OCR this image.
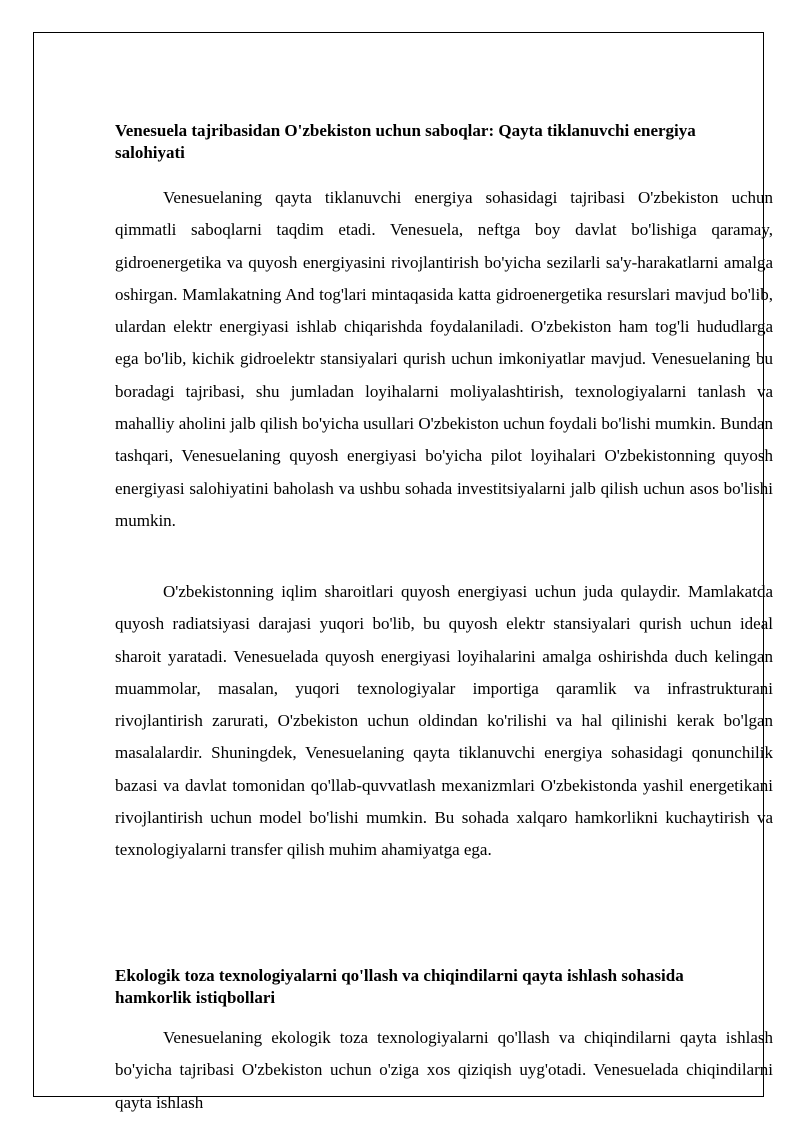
Venesuela tajribasidan O'zbekiston uchun saboqlar: Qayta tiklanuvchi energiya salohiyati

Venesuelaning qayta tiklanuvchi energiya sohasidagi tajribasi O'zbekiston uchun qimmatli saboqlarni taqdim etadi. Venesuela, neftga boy davlat bo'lishiga qaramay, gidroenergetika va quyosh energiyasini rivojlantirish bo'yicha sezilarli sa'y-harakatlarni amalga oshirgan. Mamlakatning And tog'lari mintaqasida katta gidroenergetika resurslari mavjud bo'lib, ulardan elektr energiyasi ishlab chiqarishda foydalaniladi. O'zbekiston ham tog'li hududlarga ega bo'lib, kichik gidroelektr stansiyalari qurish uchun imkoniyatlar mavjud. Venesuelaning bu boradagi tajribasi, shu jumladan loyihalarni moliyalashtirish, texnologiyalarni tanlash va mahalliy aholini jalb qilish bo'yicha usullari O'zbekiston uchun foydali bo'lishi mumkin. Bundan tashqari, Venesuelaning quyosh energiyasi bo'yicha pilot loyihalari O'zbekistonning quyosh energiyasi salohiyatini baholash va ushbu sohada investitsiyalarni jalb qilish uchun asos bo'lishi mumkin.

O'zbekistonning iqlim sharoitlari quyosh energiyasi uchun juda qulaydir. Mamlakatda quyosh radiatsiyasi darajasi yuqori bo'lib, bu quyosh elektr stansiyalari qurish uchun ideal sharoit yaratadi. Venesuelada quyosh energiyasi loyihalarini amalga oshirishda duch kelingan muammolar, masalan, yuqori texnologiyalar importiga qaramlik va infrastrukturani rivojlantirish zarurati, O'zbekiston uchun oldindan ko'rilishi va hal qilinishi kerak bo'lgan masalalardir. Shuningdek, Venesuelaning qayta tiklanuvchi energiya sohasidagi qonunchilik bazasi va davlat tomonidan qo'llab-quvvatlash mexanizmlari O'zbekistonda yashil energetikani rivojlantirish uchun model bo'lishi mumkin. Bu sohada xalqaro hamkorlikni kuchaytirish va texnologiyalarni transfer qilish muhim ahamiyatga ega.

Ekologik toza texnologiyalarni qo'llash va chiqindilarni qayta ishlash sohasida hamkorlik istiqbollari

Venesuelaning ekologik toza texnologiyalarni qo'llash va chiqindilarni qayta ishlash bo'yicha tajribasi O'zbekiston uchun o'ziga xos qiziqish uyg'otadi. Venesuelada chiqindilarni qayta ishlash
